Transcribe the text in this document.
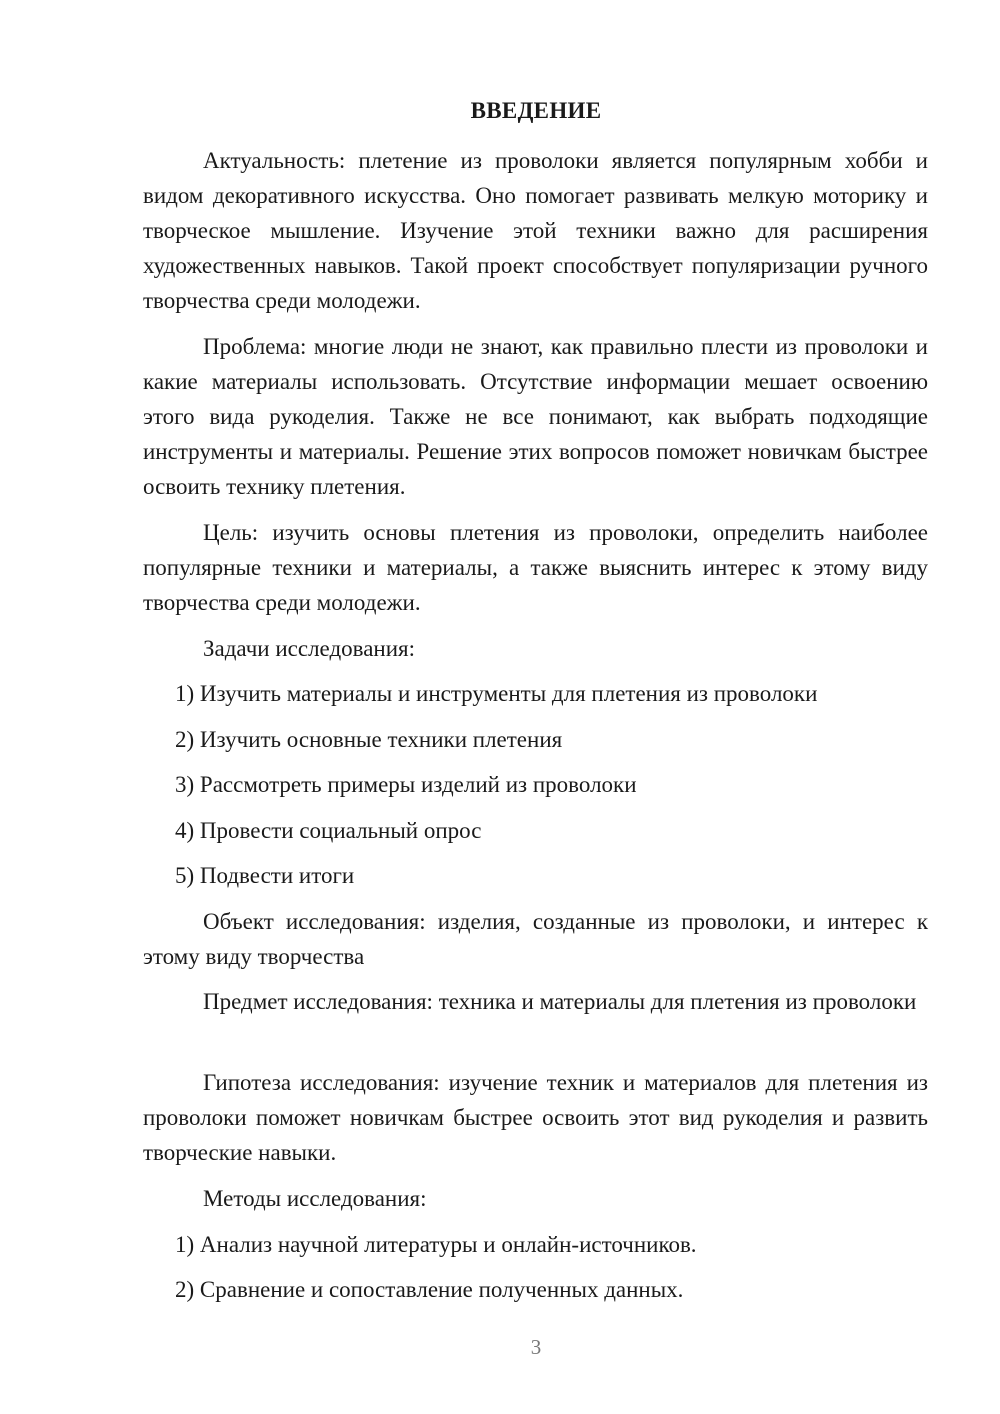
ВВЕДЕНИЕ

Актуальность: плетение из проволоки является популярным хобби и видом декоративного искусства. Оно помогает развивать мелкую моторику и творческое мышление. Изучение этой техники важно для расширения художественных навыков. Такой проект способствует популяризации ручного творчества среди молодежи.

Проблема: многие люди не знают, как правильно плести из проволоки и какие материалы использовать. Отсутствие информации мешает освоению этого вида рукоделия. Также не все понимают, как выбрать подходящие инструменты и материалы. Решение этих вопросов поможет новичкам быстрее освоить технику плетения.

Цель: изучить основы плетения из проволоки, определить наиболее популярные техники и материалы, а также выяснить интерес к этому виду творчества среди молодежи.

Задачи исследования:

1) Изучить материалы и инструменты для плетения из проволоки

2) Изучить основные техники плетения

3) Рассмотреть примеры изделий из проволоки

4) Провести социальный опрос

5) Подвести итоги

Объект исследования: изделия, созданные из проволоки, и интерес к этому виду творчества

Предмет исследования: техника и материалы для плетения из проволоки

Гипотеза исследования: изучение техник и материалов для плетения из проволоки поможет новичкам быстрее освоить этот вид рукоделия и развить творческие навыки.

Методы исследования:

1) Анализ научной литературы и онлайн-источников.

2) Сравнение и сопоставление полученных данных.

3
